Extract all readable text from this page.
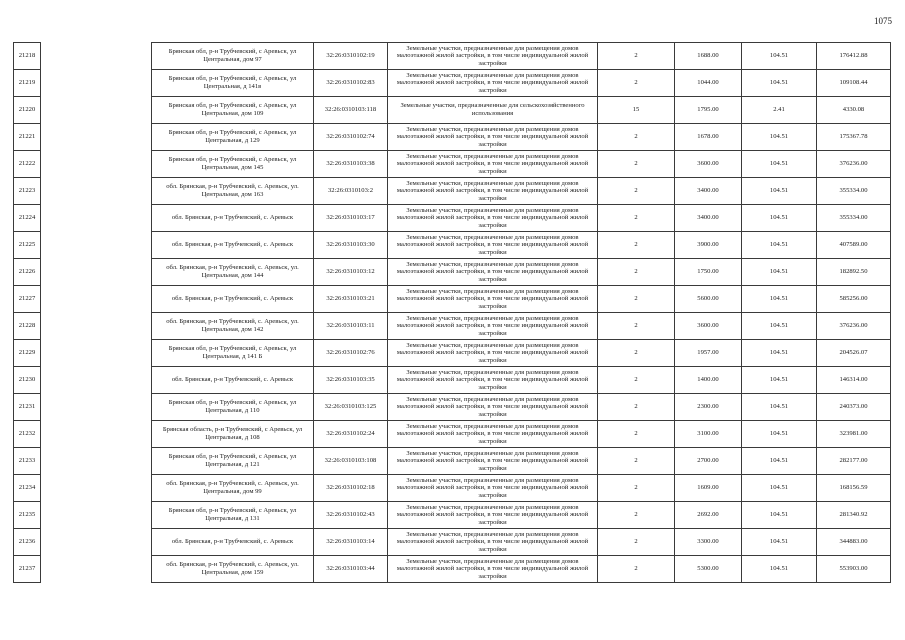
1075
21218		Брянская обл, р-н Трубчевский, с Аревьск, ул Центральная, дом 97	32:26:0310102:19	Земельные участки, предназначенные для размещения домов малоэтажной жилой застройки, в том числе индивидуальной жилой застройки	2	1688.00	104.51	176412.88
21219		Брянская обл, р-н Трубчевский, с Аревьск, ул Центральная, д 141в	32:26:0310102:83	Земельные участки, предназначенные для размещения домов малоэтажной жилой застройки, в том числе индивидуальной жилой застройки	2	1044.00	104.51	109108.44
21220		Брянская обл, р-н Трубчевский, с Аревьск, ул Центральная, дом 109	32:26:0310103:118	Земельные участки, предназначенные для сельскохозяйственного использования	15	1795.00	2.41	4330.08
21221		Брянская обл, р-н Трубчевский, с Аревьск, ул Центральная, д 129	32:26:0310102:74	Земельные участки, предназначенные для размещения домов малоэтажной жилой застройки, в том числе индивидуальной жилой застройки	2	1678.00	104.51	175367.78
21222		Брянская обл, р-н Трубчевский, с Аревьск, ул Центральная, дом 145	32:26:0310103:38	Земельные участки, предназначенные для размещения домов малоэтажной жилой застройки, в том числе индивидуальной жилой застройки	2	3600.00	104.51	376236.00
21223		обл. Брянская, р-н Трубчевский, с. Аревьск, ул. Центральная, дом 163	32:26:0310103:2	Земельные участки, предназначенные для размещения домов малоэтажной жилой застройки, в том числе индивидуальной жилой застройки	2	3400.00	104.51	355334.00
21224		обл. Брянская, р-н Трубчевский, с. Аревьск	32:26:0310103:17	Земельные участки, предназначенные для размещения домов малоэтажной жилой застройки, в том числе индивидуальной жилой застройки	2	3400.00	104.51	355334.00
21225		обл. Брянская, р-н Трубчевский, с. Аревьск	32:26:0310103:30	Земельные участки, предназначенные для размещения домов малоэтажной жилой застройки, в том числе индивидуальной жилой застройки	2	3900.00	104.51	407589.00
21226		обл. Брянская, р-н Трубчевский, с. Аревьск, ул. Центральная, дом 144	32:26:0310103:12	Земельные участки, предназначенные для размещения домов малоэтажной жилой застройки, в том числе индивидуальной жилой застройки	2	1750.00	104.51	182892.50
21227		обл. Брянская, р-н Трубчевский, с. Аревьск	32:26:0310103:21	Земельные участки, предназначенные для размещения домов малоэтажной жилой застройки, в том числе индивидуальной жилой застройки	2	5600.00	104.51	585256.00
21228		обл. Брянская, р-н Трубчевский, с. Аревьск, ул. Центральная, дом 142	32:26:0310103:11	Земельные участки, предназначенные для размещения домов малоэтажной жилой застройки, в том числе индивидуальной жилой застройки	2	3600.00	104.51	376236.00
21229		Брянская обл, р-н Трубчевский, с Аревьск, ул Центральная, д 141 Б	32:26:0310102:76	Земельные участки, предназначенные для размещения домов малоэтажной жилой застройки, в том числе индивидуальной жилой застройки	2	1957.00	104.51	204526.07
21230		обл. Брянская, р-н Трубчевский, с. Аревьск	32:26:0310103:35	Земельные участки, предназначенные для размещения домов малоэтажной жилой застройки, в том числе индивидуальной жилой застройки	2	1400.00	104.51	146314.00
21231		Брянская обл, р-н Трубчевский, с Аревьск, ул Центральная, д 110	32:26:0310103:125	Земельные участки, предназначенные для размещения домов малоэтажной жилой застройки, в том числе индивидуальной жилой застройки	2	2300.00	104.51	240373.00
21232		Брянская область, р-н Трубчевский, с Аревьск, ул Центральная, д 108	32:26:0310102:24	Земельные участки, предназначенные для размещения домов малоэтажной жилой застройки, в том числе индивидуальной жилой застройки	2	3100.00	104.51	323981.00
21233		Брянская обл, р-н Трубчевский, с Аревьск, ул Центральная, д 121	32:26:0310103:108	Земельные участки, предназначенные для размещения домов малоэтажной жилой застройки, в том числе индивидуальной жилой застройки	2	2700.00	104.51	282177.00
21234		обл. Брянская, р-н Трубчевский, с. Аревьск, ул. Центральная, дом 99	32:26:0310102:18	Земельные участки, предназначенные для размещения домов малоэтажной жилой застройки, в том числе индивидуальной жилой застройки	2	1609.00	104.51	168156.59
21235		Брянская обл, р-н Трубчевский, с Аревьск, ул Центральная, д 131	32:26:0310102:43	Земельные участки, предназначенные для размещения домов малоэтажной жилой застройки, в том числе индивидуальной жилой застройки	2	2692.00	104.51	281340.92
21236		обл. Брянская, р-н Трубчевский, с. Аревьск	32:26:0310103:14	Земельные участки, предназначенные для размещения домов малоэтажной жилой застройки, в том числе индивидуальной жилой застройки	2	3300.00	104.51	344883.00
21237		обл. Брянская, р-н Трубчевский, с. Аревьск, ул. Центральная, дом 159	32:26:0310103:44	Земельные участки, предназначенные для размещения домов малоэтажной жилой застройки, в том числе индивидуальной жилой застройки	2	5300.00	104.51	553903.00
